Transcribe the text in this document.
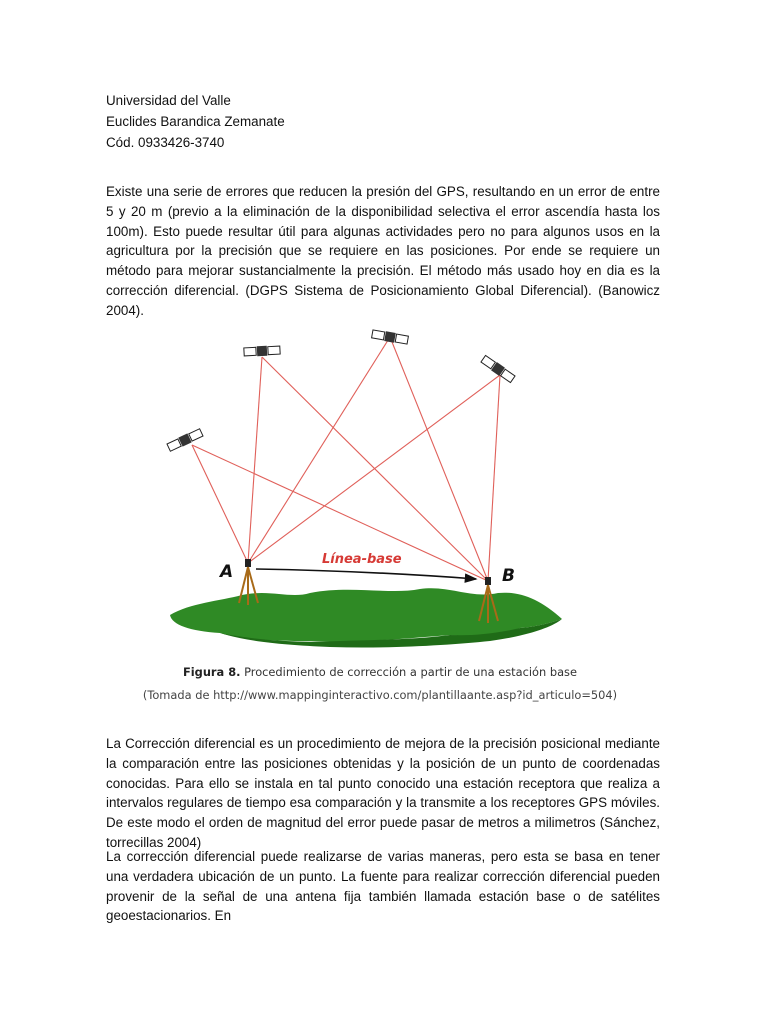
Universidad del Valle
Euclides Barandica Zemanate
Cód. 0933426-3740
Existe una serie de errores que reducen la presión del GPS, resultando en un error de entre 5 y 20 m (previo a la eliminación de la disponibilidad selectiva el error ascendía hasta los 100m). Esto puede resultar útil para algunas actividades pero no para algunos usos en la agricultura por la precisión que se requiere en las posiciones. Por ende se requiere un método para mejorar sustancialmente la precisión. El método más usado hoy en dia es la corrección diferencial. (DGPS Sistema de Posicionamiento Global Diferencial). (Banowicz 2004).
A	B
Línea-base
Figura 8. Procedimiento de corrección a partir de una estación base
(Tomada de http://www.mappinginteractivo.com/plantillaante.asp?id_articulo=504)
La Corrección diferencial es un procedimiento de mejora de la precisión posicional mediante la comparación entre las posiciones obtenidas y la posición de un punto de coordenadas conocidas. Para ello se instala en tal punto conocido una estación receptora que realiza a intervalos regulares de tiempo esa comparación y la transmite a los receptores GPS móviles. De este modo el orden de magnitud del error puede pasar de metros a milimetros (Sánchez, torrecillas 2004)
La corrección diferencial puede realizarse de varias maneras, pero esta se basa en tener una verdadera ubicación de un punto. La fuente para realizar corrección diferencial pueden provenir de la señal de una antena fija también llamada estación base o de satélites geoestacionarios. En
